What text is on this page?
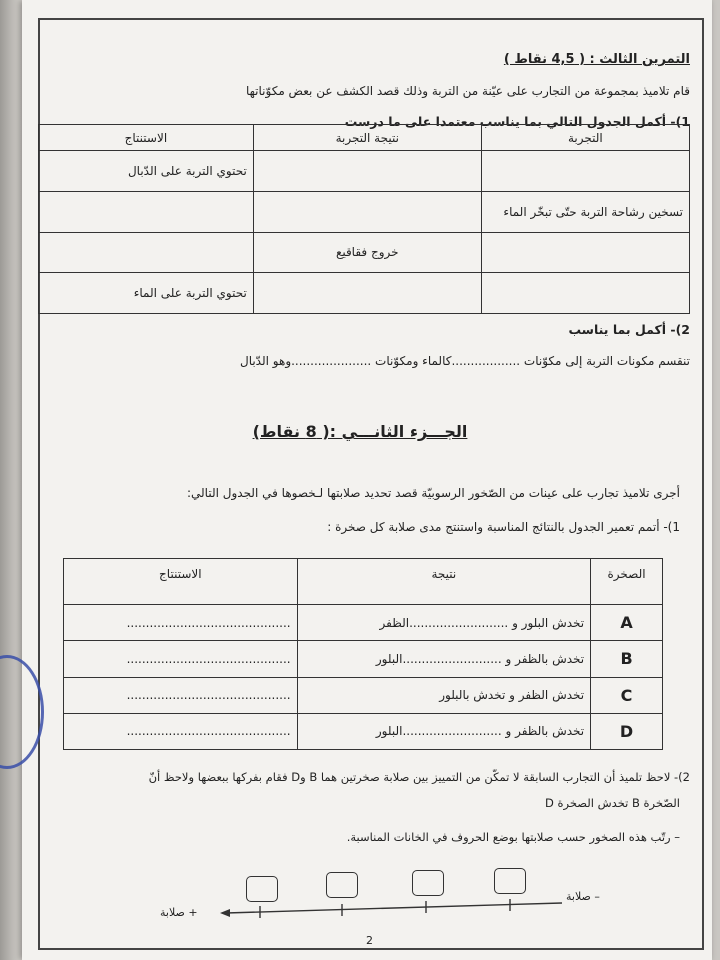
التمرين الثالث : ( 4,5 نقاط )
قام تلاميذ بمجموعة من التجارب على عيّنة من التربة وذلك قصد الكشف عن بعض مكوّناتها
1)- أكمل الجدول التالي بما يناسب معتمدا على ما درست
الاستنتاج	نتيجة التجربة	التجربة
تحتوي التربة على الدّبال		
		تسخين رشاحة التربة حتّى تبخّر الماء
	خروج فقاقيع	
تحتوي التربة على الماء		
2)- أكمل بما يناسب
تنقسم مكونات التربة إلى مكوّنات ..................كالماء ومكوّنات .....................وهو الدّبال
الجـــزء الثانـــي :( 8 نقاط)
أجرى تلاميذ تجارب على عينات من الصّخور الرسوبيّة قصد تحديد صلابتها لـخصوها في الجدول التالي:
1)- أتمم تعمير الجدول بالنتائج المناسبة واستنتج مدى صلابة كل صخرة :
الاستنتاج	نتيجة	الصخرة
...........................................	تخدش البلور و ..........................الظفر	A
...........................................	تخدش بالظفر و ..........................البلور	B
...........................................	تخدش الظفر و تخدش بالبلور	C
...........................................	تخدش بالظفر و ..........................البلور	D
2)- لاحظ تلميذ أن التجارب السابقة لا تمكّن من التمييز بين صلابة صخرتين هما B وD فقام بفركها ببعضها ولاحظ أنّ
الصّخرة B تخدش الصخرة D
– رتّب هذه الصخور حسب صلابتها بوضع الحروف في الخانات المناسبة.
– صلابة
+ صلابة
2
